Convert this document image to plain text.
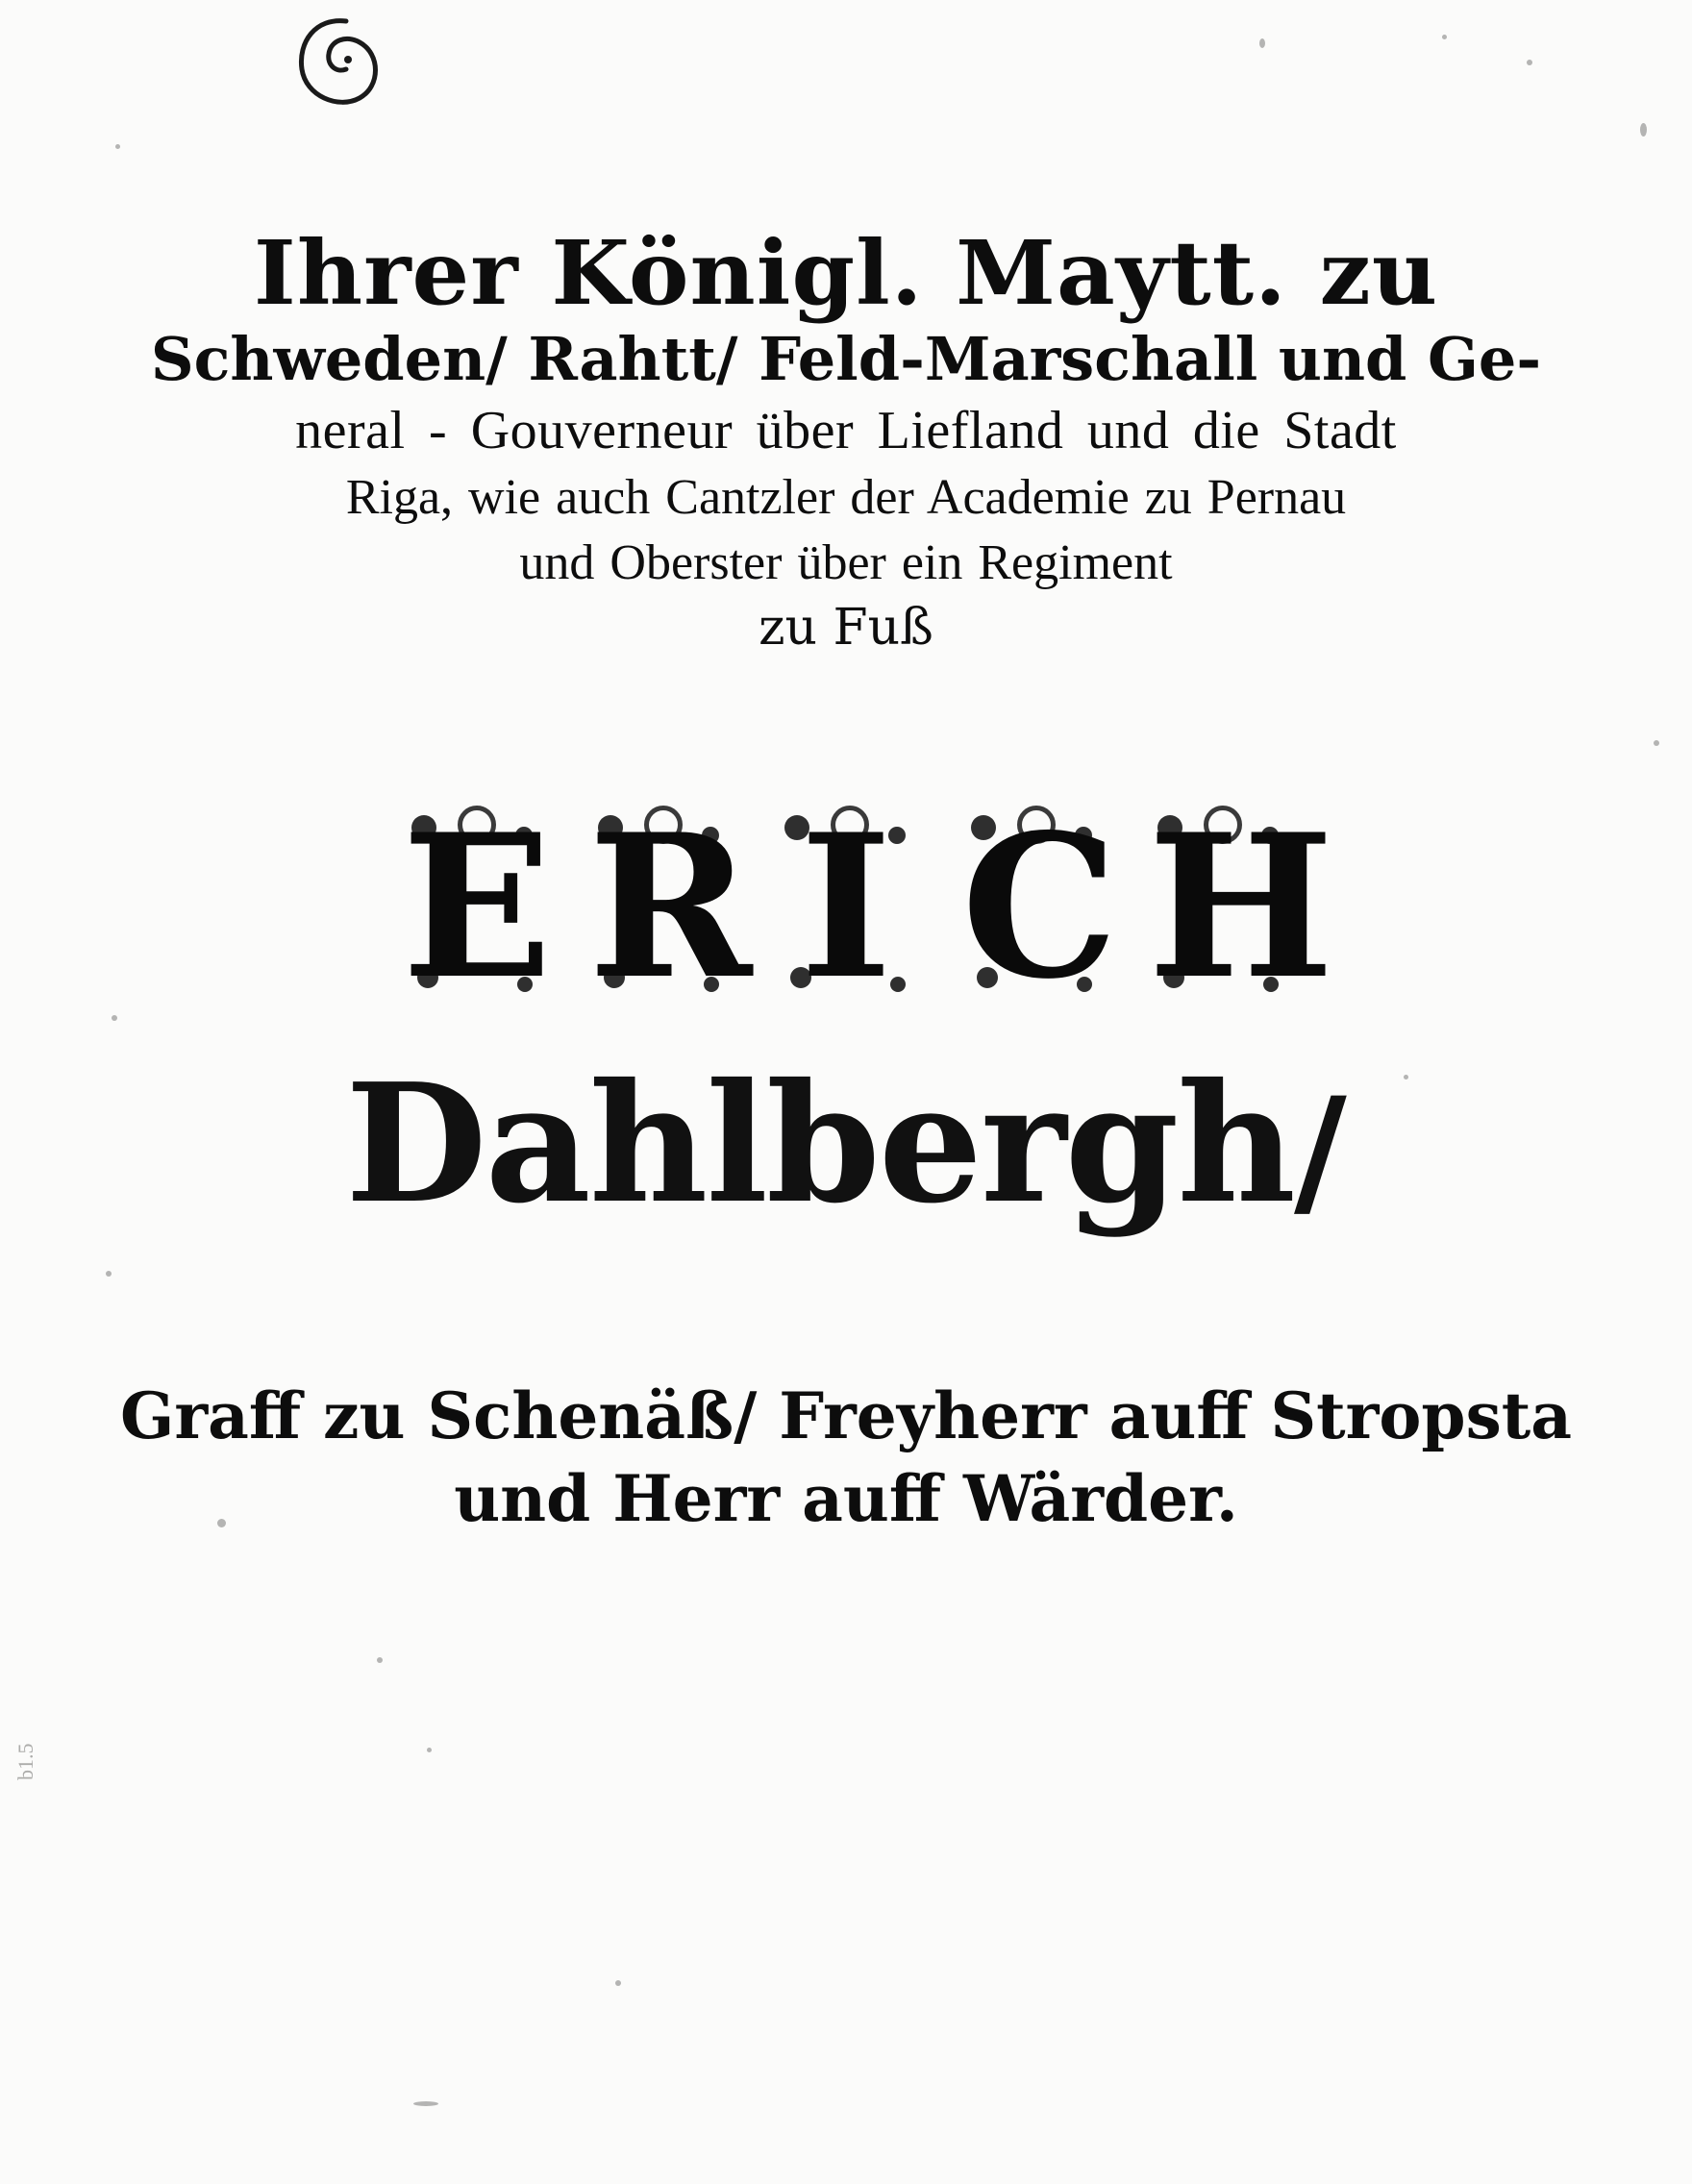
Ihrer Königl. Maytt. zu
Schweden/ Rahtt/ Feld-Marschall und Ge-
neral - Gouverneur über Liefland und die Stadt
Riga, wie auch Cantzler der Academie zu Pernau
und Oberster über ein Regiment
zu Fuß
E
R
I
C
H
Dahlbergh/
Graff zu Schenäß/ Freyherr auff Stropsta
und Herr auff Wärder.
b1.5
